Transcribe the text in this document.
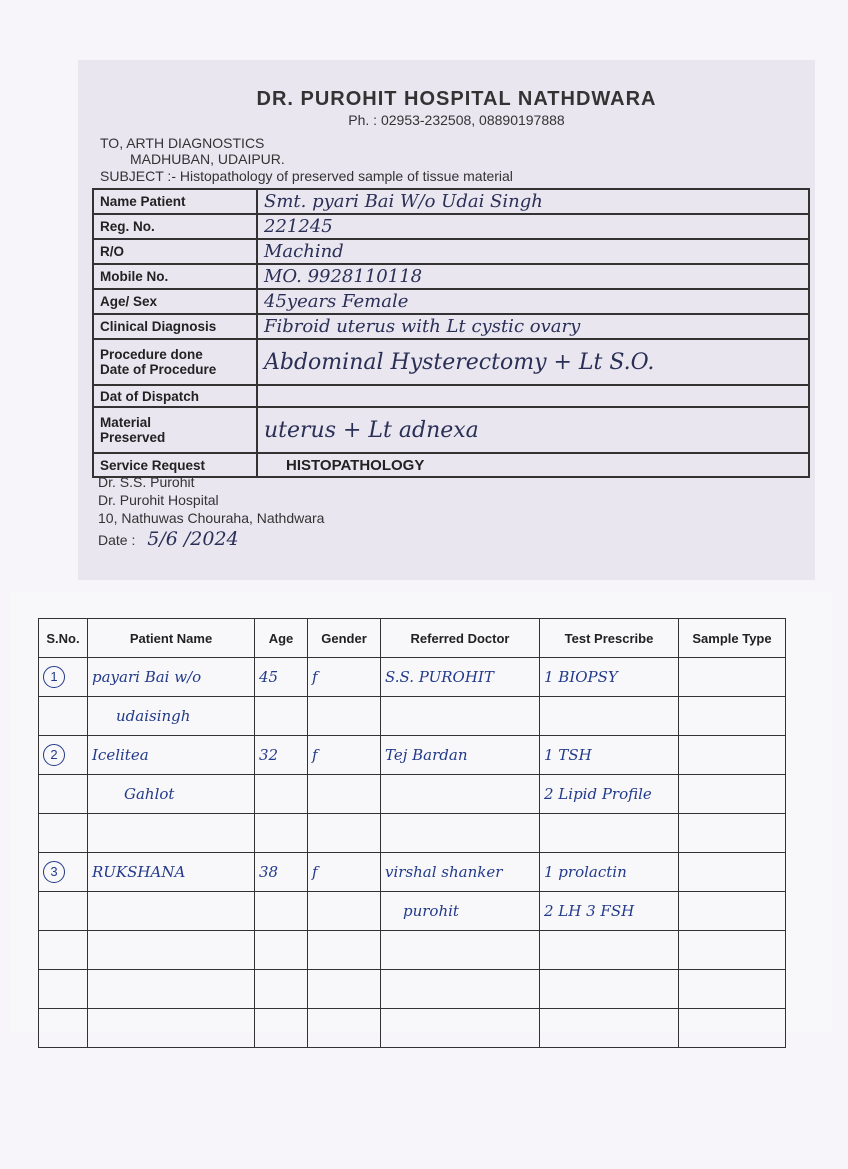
DR. PUROHIT HOSPITAL NATHDWARA
Ph. : 02953-232508, 08890197888
TO, ARTH DIAGNOSTICS
MADHUBAN, UDAIPUR.
SUBJECT :- Histopathology of preserved sample of tissue material
Name Patient	Smt. pyari Bai W/o Udai Singh
Reg. No.	221245
R/O	Machind
Mobile No.	MO. 9928110118
Age/ Sex	45years Female
Clinical Diagnosis	Fibroid uterus with Lt cystic ovary

Procedure done
Date of Procedure	Abdominal Hysterectomy + Lt S.O.
Dat of Dispatch	

Material
Preserved	uterus + Lt adnexa
Service Request	HISTOPATHOLOGY
Dr. S.S. Purohit
Dr. Purohit Hospital
10, Nathuwas Chouraha, Nathdwara
Date : 5/6 /2024
S.No.	Patient Name	Age	Gender	Referred Doctor	Test Prescribe	Sample Type
1	payari Bai w/o	45	f	S.S. PUROHIT	1 BIOPSY	
	udaisingh					
2	Icelitea	32	f	Tej Bardan	1 TSH	
	Gahlot				2 Lipid Profile	

3	RUKSHANA	38	f	virshal shanker	1 prolactin	
				purohit	2 LH 3 FSH	
